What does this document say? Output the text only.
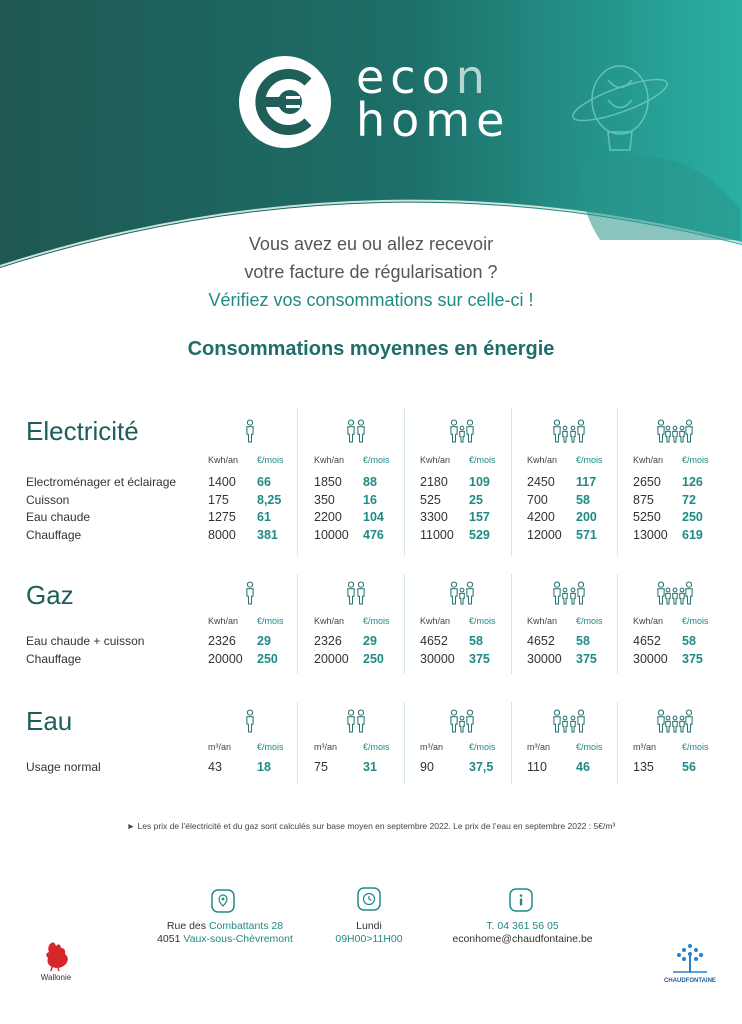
econ
home
Vous avez eu ou allez recevoir
votre facture de régularisation ?
Vérifiez vos consommations sur celle-ci !
Consommations moyennes en énergie
Electricité
Kwh/an €/mois	Kwh/an €/mois	Kwh/an €/mois	Kwh/an €/mois	Kwh/an €/mois
Electroménager et éclairage	1400 66	1850 88	2180 109	2450 117	2650 126
Cuisson	175 8,25	350 16	525 25	700 58	875 72
Eau chaude	1275 61	2200 104	3300 157	4200 200	5250 250
Chauffage	8000 381	10000 476	11000 529	12000 571	13000 619
Gaz
Kwh/an €/mois	Kwh/an €/mois	Kwh/an €/mois	Kwh/an €/mois	Kwh/an €/mois
Eau chaude + cuisson	2326 29	2326 29	4652 58	4652 58	4652 58
Chauffage	20000 250	20000 250	30000 375	30000 375	30000 375
Eau
m³/an	€/mois	m³/an	€/mois	m³/an	€/mois	m³/an	€/mois	m³/an	€/mois
Usage normal	43	18	75	31	90	37,5	110 46	135 56
► Les prix de l’électricité et du gaz sont calculés sur base moyen en septembre 2022. Le prix de l’eau en septembre 2022 : 5€/m³
Rue des Combattants 28
4051 Vaux-sous-Chèvremont
Lundi
09H00>11H00
T. 04 361 56 05
econhome@chaudfontaine.be
Wallonie	CHAUDFONTAINE
